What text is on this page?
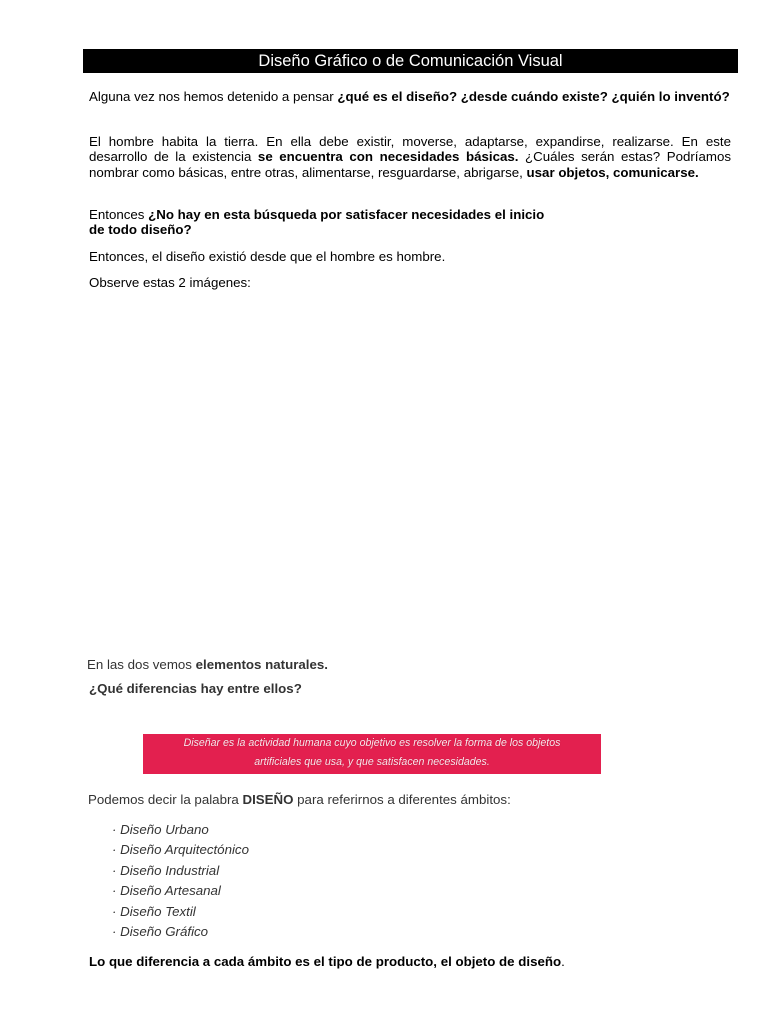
Diseño Gráfico o de Comunicación Visual

Alguna vez nos hemos detenido a pensar ¿qué es el diseño? ¿desde cuándo existe? ¿quién lo inventó?

El hombre habita la tierra. En ella debe existir, moverse, adaptarse, expandirse, realizarse. En este desarrollo de la existencia se encuentra con necesidades básicas. ¿Cuáles serán estas? Podríamos nombrar como básicas, entre otras, alimentarse, resguardarse, abrigarse, usar objetos, comunicarse.

Entonces ¿No hay en esta búsqueda por satisfacer necesidades el inicio
de todo diseño?

Entonces, el diseño existió desde que el hombre es hombre.

Observe estas 2 imágenes:

En las dos vemos elementos naturales.

¿Qué diferencias hay entre ellos?

Diseñar es la actividad humana cuyo objetivo es resolver la forma de los objetos
artificiales que usa, y que satisfacen necesidades.

Podemos decir la palabra DISEÑO para referirnos a diferentes ámbitos:

· Diseño Urbano
· Diseño Arquitectónico
· Diseño Industrial
· Diseño Artesanal
· Diseño Textil
· Diseño Gráfico

Lo que diferencia a cada ámbito es el tipo de producto, el objeto de diseño.
